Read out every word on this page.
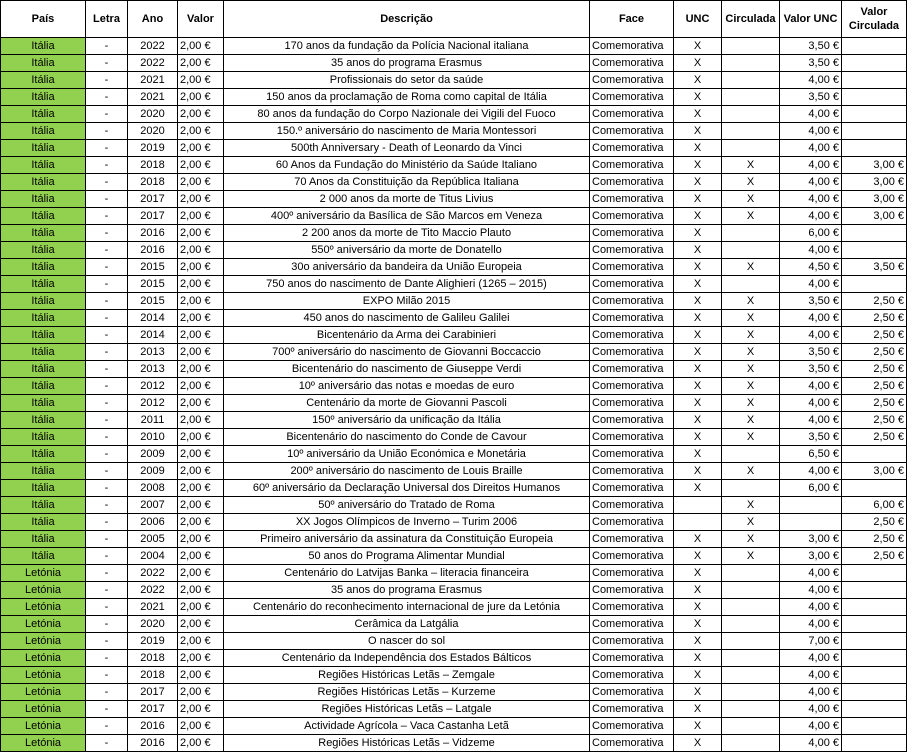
País	Letra	Ano	Valor	Descrição	Face	UNC	Circulada	Valor UNC	Valor Circulada
Itália	-	2022	2,00 €	170 anos da fundação da Polícia Nacional italiana	Comemorativa	X		3,50 €	
Itália	-	2022	2,00 €	35 anos do programa Erasmus	Comemorativa	X		3,50 €	
Itália	-	2021	2,00 €	Profissionais do setor da saúde	Comemorativa	X		4,00 €	
Itália	-	2021	2,00 €	150 anos da proclamação de Roma como capital de Itália	Comemorativa	X		3,50 €	
Itália	-	2020	2,00 €	80 anos da fundação do Corpo Nazionale dei Vigili del Fuoco	Comemorativa	X		4,00 €	
Itália	-	2020	2,00 €	150.º aniversário do nascimento de Maria Montessori	Comemorativa	X		4,00 €	
Itália	-	2019	2,00 €	500th Anniversary - Death of Leonardo da Vinci	Comemorativa	X		4,00 €	
Itália	-	2018	2,00 €	60 Anos da Fundação do Ministério da Saúde Italiano	Comemorativa	X	X	4,00 €	3,00 €
Itália	-	2018	2,00 €	70 Anos da Constituição da República Italiana	Comemorativa	X	X	4,00 €	3,00 €
Itália	-	2017	2,00 €	2 000 anos da morte de Titus Livius	Comemorativa	X	X	4,00 €	3,00 €
Itália	-	2017	2,00 €	400º aniversário da Basílica de São Marcos em Veneza	Comemorativa	X	X	4,00 €	3,00 €
Itália	-	2016	2,00 €	2 200 anos da morte de Tito Maccio Plauto	Comemorativa	X		6,00 €	
Itália	-	2016	2,00 €	550º aniversário da morte de Donatello	Comemorativa	X		4,00 €	
Itália	-	2015	2,00 €	30o aniversário da bandeira da União Europeia	Comemorativa	X	X	4,50 €	3,50 €
Itália	-	2015	2,00 €	750 anos do nascimento de Dante Alighieri (1265 – 2015)	Comemorativa	X		4,00 €	
Itália	-	2015	2,00 €	EXPO Milão 2015	Comemorativa	X	X	3,50 €	2,50 €
Itália	-	2014	2,00 €	450 anos do nascimento de Galileu Galilei	Comemorativa	X	X	4,00 €	2,50 €
Itália	-	2014	2,00 €	Bicentenário da Arma dei Carabinieri	Comemorativa	X	X	4,00 €	2,50 €
Itália	-	2013	2,00 €	700º aniversário do nascimento de Giovanni Boccaccio	Comemorativa	X	X	3,50 €	2,50 €
Itália	-	2013	2,00 €	Bicentenário do nascimento de Giuseppe Verdi	Comemorativa	X	X	3,50 €	2,50 €
Itália	-	2012	2,00 €	10º aniversário das notas e moedas de euro	Comemorativa	X	X	4,00 €	2,50 €
Itália	-	2012	2,00 €	Centenário da morte de Giovanni Pascoli	Comemorativa	X	X	4,00 €	2,50 €
Itália	-	2011	2,00 €	150º aniversário da unificação da Itália	Comemorativa	X	X	4,00 €	2,50 €
Itália	-	2010	2,00 €	Bicentenário do nascimento do Conde de Cavour	Comemorativa	X	X	3,50 €	2,50 €
Itália	-	2009	2,00 €	10º aniversário da União Económica e Monetária	Comemorativa	X		6,50 €	
Itália	-	2009	2,00 €	200º aniversário do nascimento de Louis Braille	Comemorativa	X	X	4,00 €	3,00 €
Itália	-	2008	2,00 €	60º aniversário da Declaração Universal dos Direitos Humanos	Comemorativa	X		6,00 €	
Itália	-	2007	2,00 €	50º aniversário do Tratado de Roma	Comemorativa		X		6,00 €
Itália	-	2006	2,00 €	XX Jogos Olímpicos de Inverno – Turim 2006	Comemorativa		X		2,50 €
Itália	-	2005	2,00 €	Primeiro aniversário da assinatura da Constituição Europeia	Comemorativa	X	X	3,00 €	2,50 €
Itália	-	2004	2,00 €	50 anos do Programa Alimentar Mundial	Comemorativa	X	X	3,00 €	2,50 €
Letónia	-	2022	2,00 €	Centenário do Latvijas Banka – literacia financeira	Comemorativa	X		4,00 €	
Letónia	-	2022	2,00 €	35 anos do programa Erasmus	Comemorativa	X		4,00 €	
Letónia	-	2021	2,00 €	Centenário do reconhecimento internacional de jure da Letónia	Comemorativa	X		4,00 €	
Letónia	-	2020	2,00 €	Cerâmica da Latgália	Comemorativa	X		4,00 €	
Letónia	-	2019	2,00 €	O nascer do sol	Comemorativa	X		7,00 €	
Letónia	-	2018	2,00 €	Centenário da Independência dos Estados Bálticos	Comemorativa	X		4,00 €	
Letónia	-	2018	2,00 €	Regiões Históricas Letãs – Zemgale	Comemorativa	X		4,00 €	
Letónia	-	2017	2,00 €	Regiões Históricas Letãs – Kurzeme	Comemorativa	X		4,00 €	
Letónia	-	2017	2,00 €	Regiões Históricas Letãs – Latgale	Comemorativa	X		4,00 €	
Letónia	-	2016	2,00 €	Actividade Agrícola – Vaca Castanha Letã	Comemorativa	X		4,00 €	
Letónia	-	2016	2,00 €	Regiões Históricas Letãs – Vidzeme	Comemorativa	X		4,00 €	
